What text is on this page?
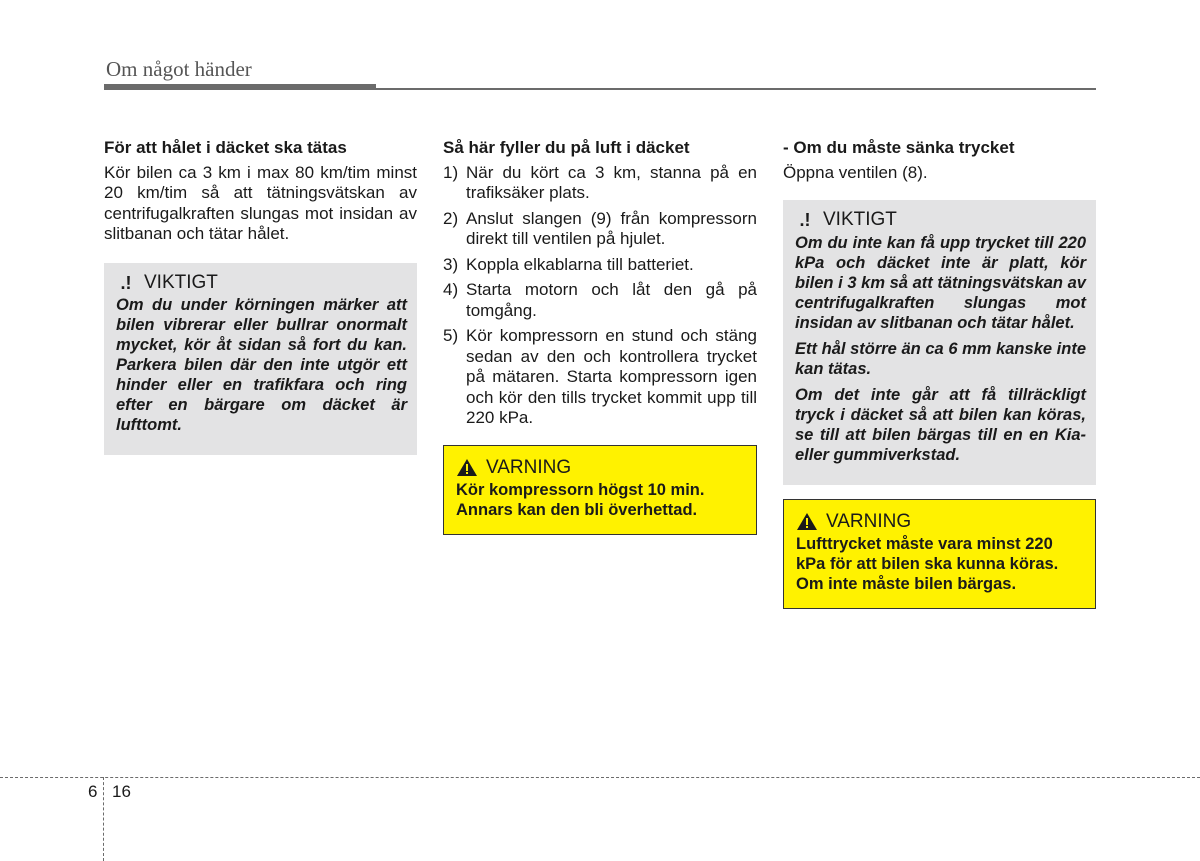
Om något händer

För att hålet i däcket ska tätas

Kör bilen ca 3 km i max 80 km/tim minst 20 km/tim så att tätningsvätskan av centrifugalkraften slungas mot insidan av slitbanan och tätar hålet.

.! VIKTIGT

Om du under körningen märker att bilen vibrerar eller bullrar onormalt mycket, kör åt sidan så fort du kan. Parkera bilen där den inte utgör ett hinder eller en trafikfara och ring efter en bärgare om däcket är lufttomt.

Så här fyller du på luft i däcket

1) När du kört ca 3 km, stanna på en trafiksäker plats.
2) Anslut slangen (9) från kompressorn direkt till ventilen på hjulet.
3) Koppla elkablarna till batteriet.
4) Starta motorn och låt den gå på tomgång.
5) Kör kompressorn en stund och stäng sedan av den och kontrollera trycket på mätaren. Starta kompressorn igen och kör den tills trycket kommit upp till 220 kPa.
VARNING
Kör kompressorn högst 10 min. Annars kan den bli överhettad.

- Om du måste sänka trycket

Öppna ventilen (8).

.! VIKTIGT

Om du inte kan få upp trycket till 220 kPa och däcket inte är platt, kör bilen i 3 km så att tätningsvätskan av centrifugalkraften slungas mot insidan av slitbanan och tätar hålet.

Ett hål större än ca 6 mm kanske inte kan tätas.

Om det inte går att få tillräckligt tryck i däcket så att bilen kan köras, se till att bilen bärgas till en en Kia- eller gummiverkstad.

VARNING
Lufttrycket måste vara minst 220 kPa för att bilen ska kunna köras. Om inte måste bilen bärgas.
6 16
